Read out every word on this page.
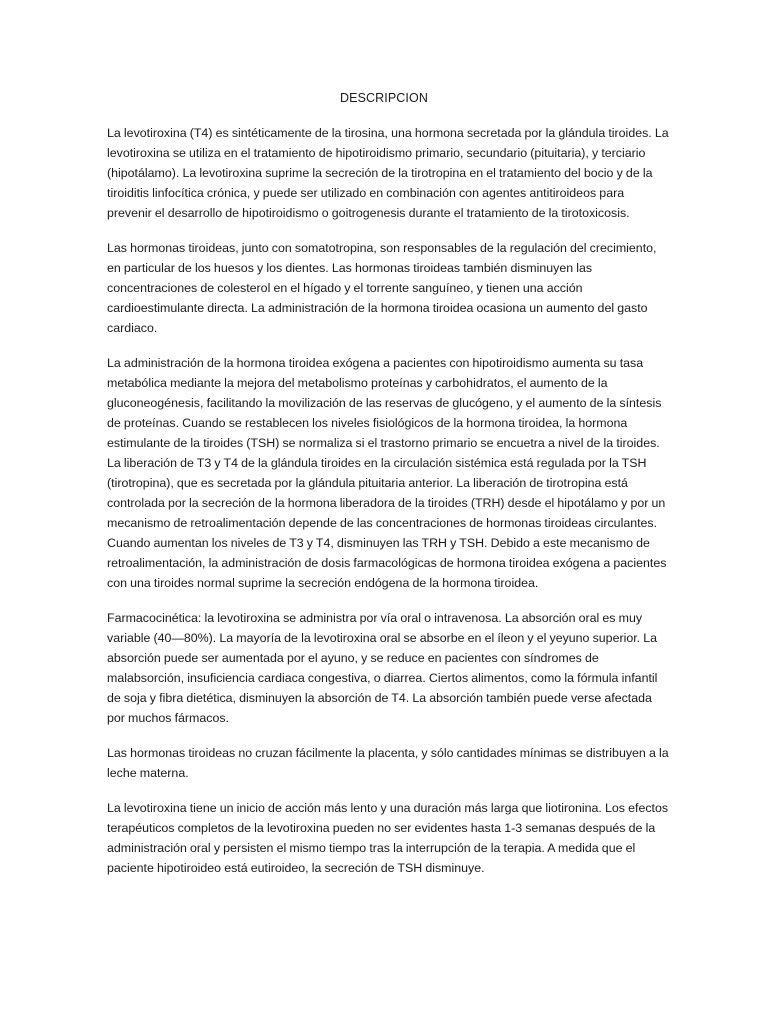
DESCRIPCION

La levotiroxina (T4) es sintéticamente de la tirosina, una hormona secretada por la glándula tiroides. La levotiroxina se utiliza en el tratamiento de hipotiroidismo primario, secundario (pituitaria), y terciario (hipotálamo). La levotiroxina suprime la secreción de la tirotropina en el tratamiento del bocio y de la tiroiditis linfocítica crónica, y puede ser utilizado en combinación con agentes antitiroideos para prevenir el desarrollo de hipotiroidismo o goitrogenesis durante el tratamiento de la tirotoxicosis.

Las hormonas tiroideas, junto con somatotropina, son responsables de la regulación del crecimiento, en particular de los huesos y los dientes. Las hormonas tiroideas también disminuyen las concentraciones de colesterol en el hígado y el torrente sanguíneo, y tienen una acción cardioestimulante directa. La administración de la hormona tiroidea ocasiona un aumento del gasto cardiaco.

La administración de la hormona tiroidea exógena a pacientes con hipotiroidismo aumenta su tasa metabólica mediante la mejora del metabolismo proteínas y carbohidratos, el aumento de la gluconeogénesis, facilitando la movilización de las reservas de glucógeno, y el aumento de la síntesis de proteínas. Cuando se restablecen los niveles fisiológicos de la hormona tiroidea, la hormona estimulante de la tiroides (TSH) se normaliza si el trastorno primario se encuetra a nivel de la tiroides. La liberación de T3 y T4 de la glándula tiroides en la circulación sistémica está regulada por la TSH (tirotropina), que es secretada por la glándula pituitaria anterior. La liberación de tirotropina está controlada por la secreción de la hormona liberadora de la tiroides (TRH) desde el hipotálamo y por un mecanismo de retroalimentación depende de las concentraciones de hormonas tiroideas circulantes. Cuando aumentan los niveles de T3 y T4, disminuyen las TRH y TSH. Debido a este mecanismo de retroalimentación, la administración de dosis farmacológicas de hormona tiroidea exógena a pacientes con una tiroides normal suprime la secreción endógena de la hormona tiroidea.

Farmacocinética: la levotiroxina se administra por vía oral o intravenosa. La absorción oral es muy variable (40—80%). La mayoría de la levotiroxina oral se absorbe en el íleon y el yeyuno superior. La absorción puede ser aumentada por el ayuno, y se reduce en pacientes con síndromes de malabsorción, insuficiencia cardiaca congestiva, o diarrea. Ciertos alimentos, como la fórmula infantil de soja y fibra dietética, disminuyen la absorción de T4. La absorción también puede verse afectada por muchos fármacos.

Las hormonas tiroideas no cruzan fácilmente la placenta, y sólo cantidades mínimas se distribuyen a la leche materna.

La levotiroxina tiene un inicio de acción más lento y una duración más larga que liotironina. Los efectos terapéuticos completos de la levotiroxina pueden no ser evidentes hasta 1-3 semanas después de la administración oral y persisten el mismo tiempo tras la interrupción de la terapia. A medida que el paciente hipotiroideo está eutiroideo, la secreción de TSH disminuye.
